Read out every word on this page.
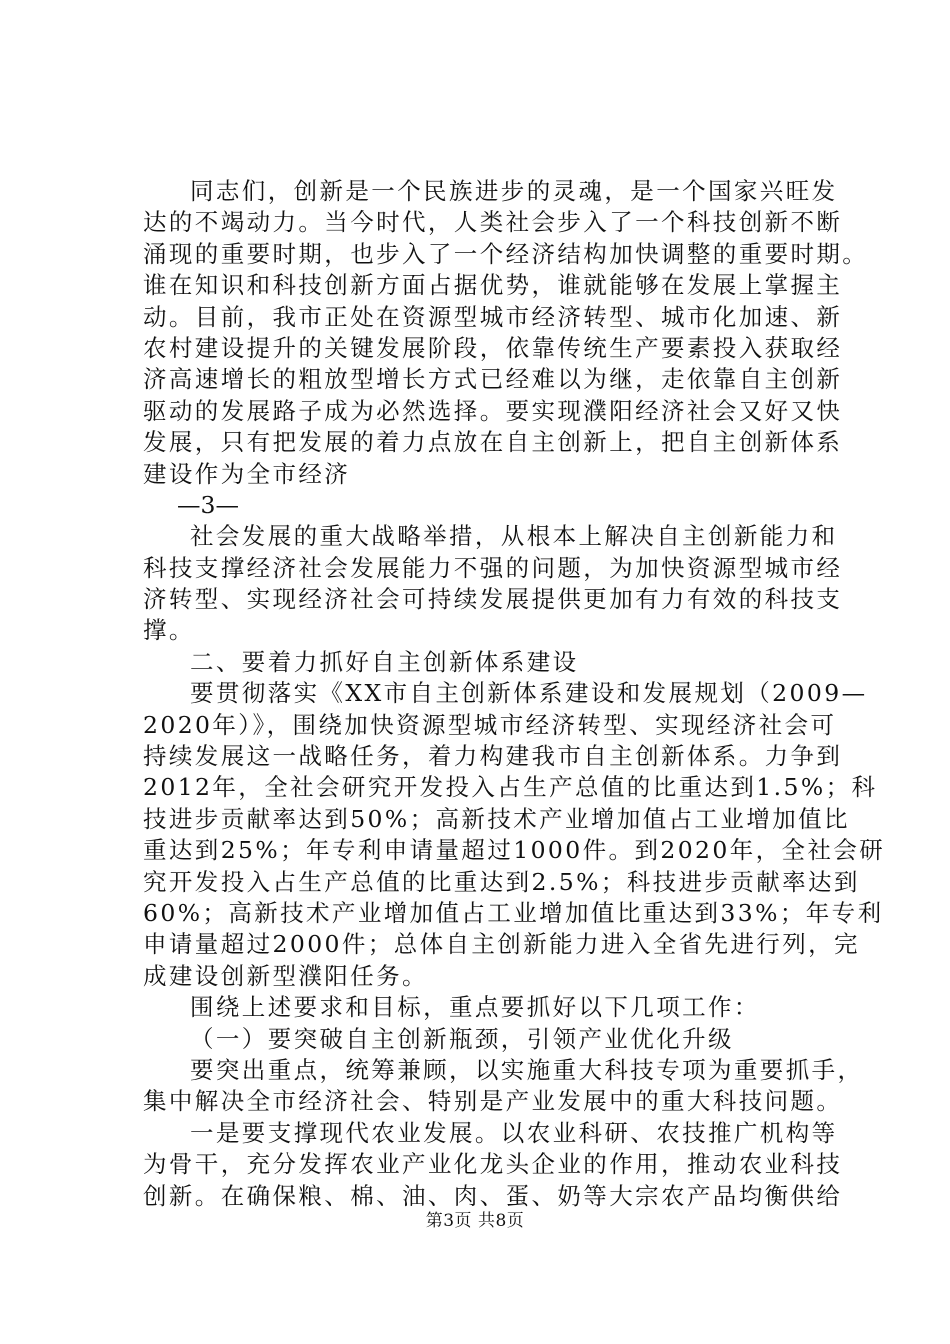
同志们，创新是一个民族进步的灵魂，是一个国家兴旺发
达的不竭动力。当今时代，人类社会步入了一个科技创新不断
涌现的重要时期，也步入了一个经济结构加快调整的重要时期。
谁在知识和科技创新方面占据优势，谁就能够在发展上掌握主
动。目前，我市正处在资源型城市经济转型、城市化加速、新
农村建设提升的关键发展阶段，依靠传统生产要素投入获取经
济高速增长的粗放型增长方式已经难以为继，走依靠自主创新
驱动的发展路子成为必然选择。要实现濮阳经济社会又好又快
发展，只有把发展的着力点放在自主创新上，把自主创新体系
建设作为全市经济
—3—
社会发展的重大战略举措，从根本上解决自主创新能力和
科技支撑经济社会发展能力不强的问题，为加快资源型城市经
济转型、实现经济社会可持续发展提供更加有力有效的科技支
撑。
二、要着力抓好自主创新体系建设
要贯彻落实《XX市自主创新体系建设和发展规划（2009—
2020年）》，围绕加快资源型城市经济转型、实现经济社会可
持续发展这一战略任务，着力构建我市自主创新体系。力争到
2012年，全社会研究开发投入占生产总值的比重达到1.5%；科
技进步贡献率达到50%；高新技术产业增加值占工业增加值比
重达到25%；年专利申请量超过1000件。到2020年，全社会研
究开发投入占生产总值的比重达到2.5%；科技进步贡献率达到
60%；高新技术产业增加值占工业增加值比重达到33%；年专利
申请量超过2000件；总体自主创新能力进入全省先进行列，完
成建设创新型濮阳任务。
围绕上述要求和目标，重点要抓好以下几项工作：
（一）要突破自主创新瓶颈，引领产业优化升级
要突出重点，统筹兼顾，以实施重大科技专项为重要抓手，
集中解决全市经济社会、特别是产业发展中的重大科技问题。
一是要支撑现代农业发展。以农业科研、农技推广机构等
为骨干，充分发挥农业产业化龙头企业的作用，推动农业科技
创新。在确保粮、棉、油、肉、蛋、奶等大宗农产品均衡供给
第3页 共8页
